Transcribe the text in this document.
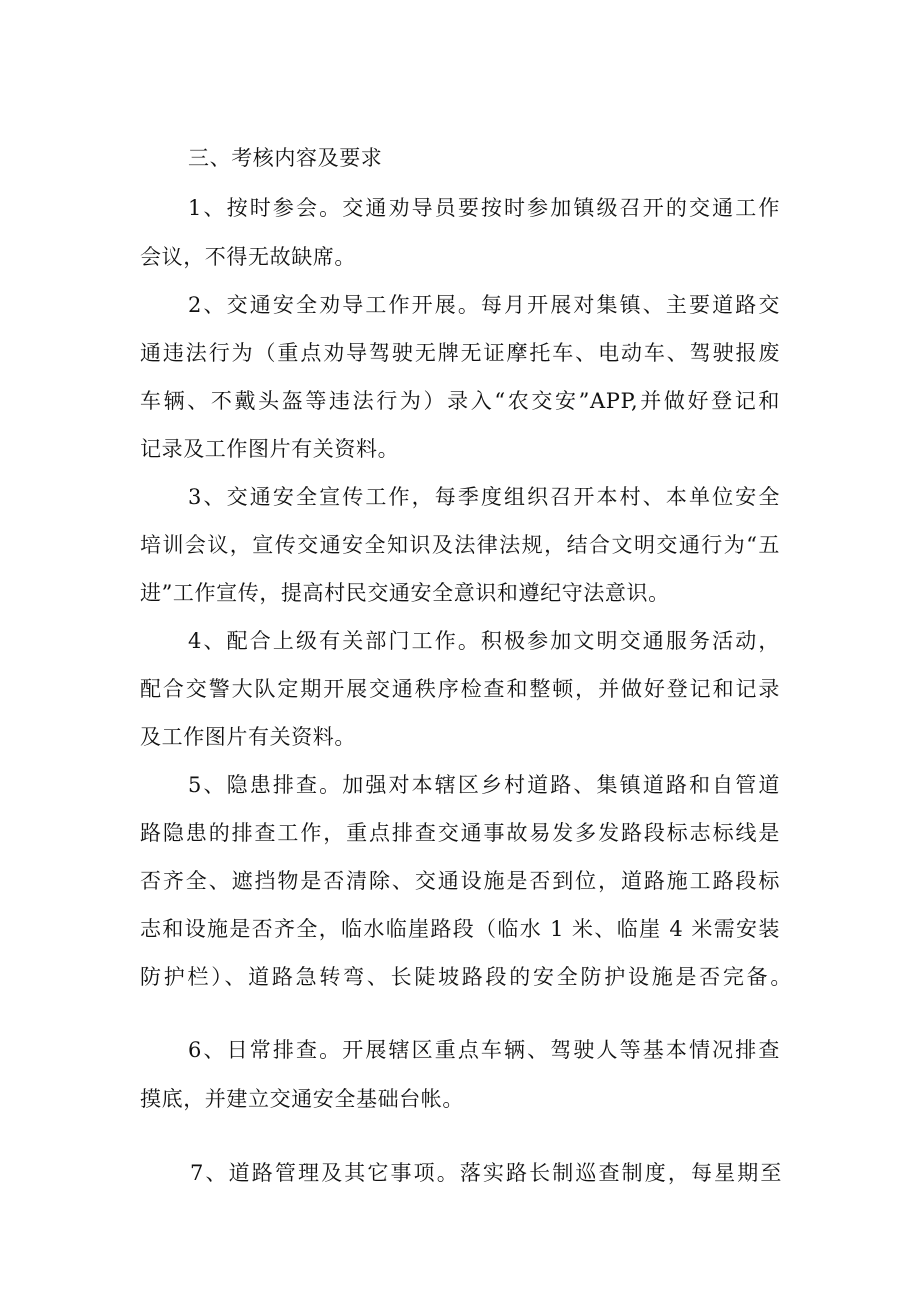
三、考核内容及要求
1、按时参会。交通劝导员要按时参加镇级召开的交通工作
会议，不得无故缺席。
2、交通安全劝导工作开展。每月开展对集镇、主要道路交
通违法行为（重点劝导驾驶无牌无证摩托车、电动车、驾驶报废
车辆、不戴头盔等违法行为）录入“农交安”APP,并做好登记和
记录及工作图片有关资料。
3、交通安全宣传工作，每季度组织召开本村、本单位安全
培训会议，宣传交通安全知识及法律法规，结合文明交通行为“五
进”工作宣传，提高村民交通安全意识和遵纪守法意识。
4、配合上级有关部门工作。积极参加文明交通服务活动，
配合交警大队定期开展交通秩序检查和整顿，并做好登记和记录
及工作图片有关资料。
5、隐患排查。加强对本辖区乡村道路、集镇道路和自管道
路隐患的排查工作，重点排查交通事故易发多发路段标志标线是
否齐全、遮挡物是否清除、交通设施是否到位，道路施工路段标
志和设施是否齐全，临水临崖路段（临水 1 米、临崖 4 米需安装
防护栏）、道路急转弯、长陡坡路段的安全防护设施是否完备。
6、日常排查。开展辖区重点车辆、驾驶人等基本情况排查
摸底，并建立交通安全基础台帐。
7、道路管理及其它事项。落实路长制巡查制度，每星期至
